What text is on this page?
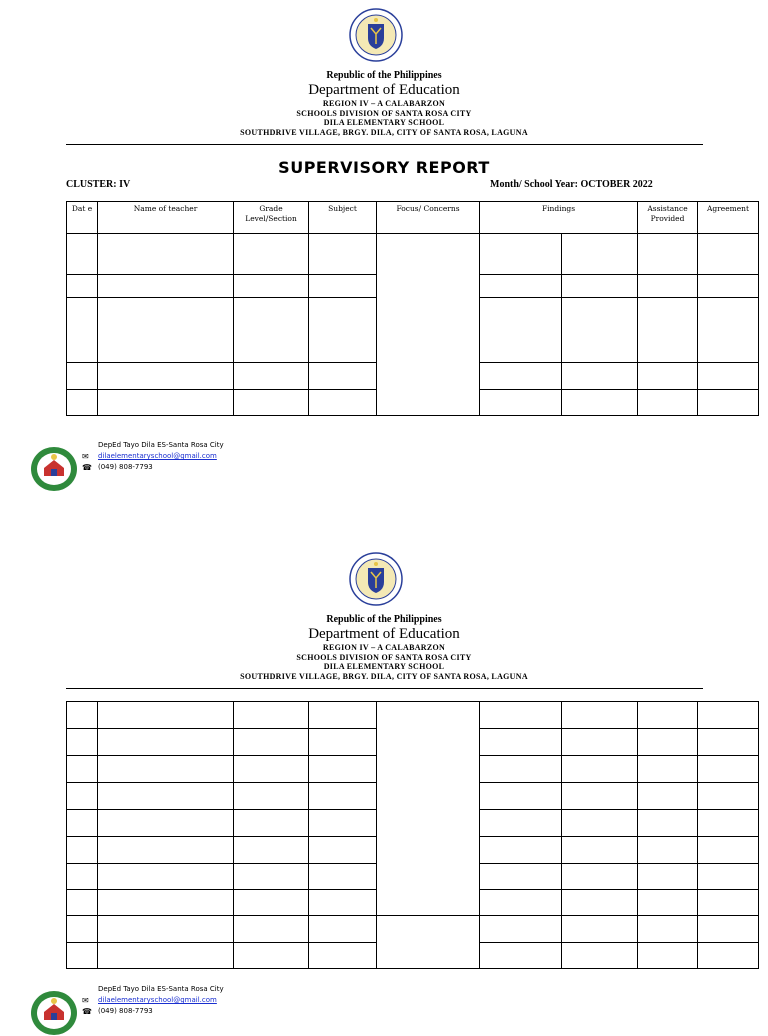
Republic of the Philippines
Department of Education
REGION IV – A CALABARZON
SCHOOLS DIVISION OF SANTA ROSA CITY
DILA ELEMENTARY SCHOOL
SOUTHDRIVE VILLAGE, BRGY. DILA, CITY OF SANTA ROSA, LAGUNA
SUPERVISORY REPORT
CLUSTER: IV	Month/ School Year: OCTOBER 2022
Dat e	Name of teacher	Grade Level/Section	Subject	Focus/ Concerns	Findings		Assistance Provided	Agreement

DepEd Tayo Dila ES-Santa Rosa City
✉ dilaelementaryschool@gmail.com
☎ (049) 808-7793
Republic of the Philippines
Department of Education
REGION IV – A CALABARZON
SCHOOLS DIVISION OF SANTA ROSA CITY
DILA ELEMENTARY SCHOOL
SOUTHDRIVE VILLAGE, BRGY. DILA, CITY OF SANTA ROSA, LAGUNA

DepEd Tayo Dila ES-Santa Rosa City
✉ dilaelementaryschool@gmail.com
☎ (049) 808-7793
